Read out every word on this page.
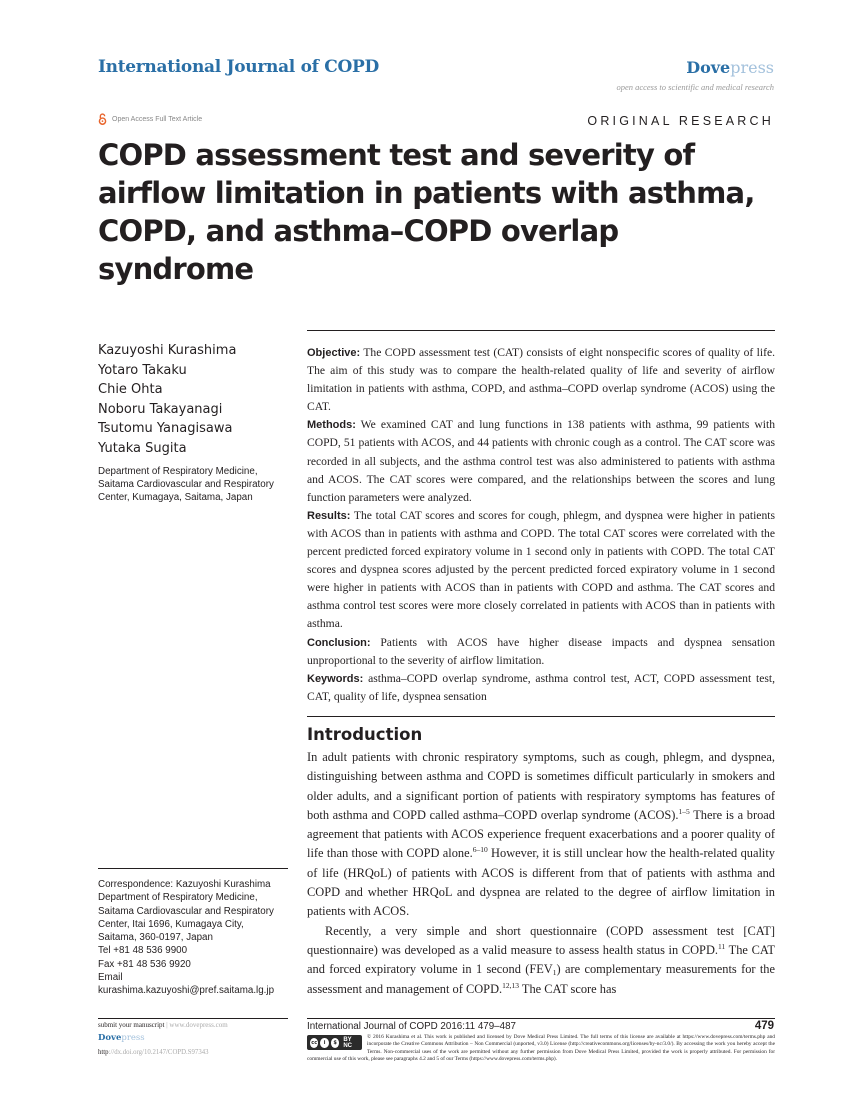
International Journal of COPD	Dovepress
open access to scientific and medical research
Open Access Full Text Article	ORIGINAL RESEARCH
COPD assessment test and severity of airflow limitation in patients with asthma, COPD, and asthma–COPD overlap syndrome
Kazuyoshi Kurashima
Yotaro Takaku
Chie Ohta
Noboru Takayanagi
Tsutomu Yanagisawa
Yutaka Sugita
Department of Respiratory Medicine, Saitama Cardiovascular and Respiratory Center, Kumagaya, Saitama, Japan
Correspondence: Kazuyoshi Kurashima
Department of Respiratory Medicine,
Saitama Cardiovascular and Respiratory
Center, Itai 1696, Kumagaya City,
Saitama, 360-0197, Japan
Tel +81 48 536 9900
Fax +81 48 536 9920
Email kurashima.kazuyoshi@pref.saitama.lg.jp

Objective: The COPD assessment test (CAT) consists of eight nonspecific scores of quality of life. The aim of this study was to compare the health-related quality of life and severity of airflow limitation in patients with asthma, COPD, and asthma–COPD overlap syndrome (ACOS) using the CAT.

Methods: We examined CAT and lung functions in 138 patients with asthma, 99 patients with COPD, 51 patients with ACOS, and 44 patients with chronic cough as a control. The CAT score was recorded in all subjects, and the asthma control test was also administered to patients with asthma and ACOS. The CAT scores were compared, and the relationships between the scores and lung function parameters were analyzed.

Results: The total CAT scores and scores for cough, phlegm, and dyspnea were higher in patients with ACOS than in patients with asthma and COPD. The total CAT scores were correlated with the percent predicted forced expiratory volume in 1 second only in patients with COPD. The total CAT scores and dyspnea scores adjusted by the percent predicted forced expiratory volume in 1 second were higher in patients with ACOS than in patients with COPD and asthma. The CAT scores and asthma control test scores were more closely correlated in patients with ACOS than in patients with asthma.

Conclusion: Patients with ACOS have higher disease impacts and dyspnea sensation unproportional to the severity of airflow limitation.

Keywords: asthma–COPD overlap syndrome, asthma control test, ACT, COPD assessment test, CAT, quality of life, dyspnea sensation

Introduction

In adult patients with chronic respiratory symptoms, such as cough, phlegm, and dyspnea, distinguishing between asthma and COPD is sometimes difficult particularly in smokers and older adults, and a significant portion of patients with respiratory symptoms has features of both asthma and COPD called asthma–COPD overlap syndrome (ACOS).$^{1-5}$ There is a broad agreement that patients with ACOS experience frequent exacerbations and a poorer quality of life than those with COPD alone.$^{6-10}$ However, it is still unclear how the health-related quality of life (HRQoL) of patients with ACOS is different from that of patients with asthma and COPD and whether HRQoL and dyspnea are related to the degree of airflow limitation in patients with ACOS.

Recently, a very simple and short questionnaire (COPD assessment test [CAT] questionnaire) was developed as a valid measure to assess health status in COPD.$^{11}$ The CAT and forced expiratory volume in 1 second $(FEV_1)$ are complementary measurements for the assessment and management of COPD.$^{12,13}$ The CAT score has

submit your manuscript | www.dovepress.com
Dovepress
http://dx.doi.org/10.2147/COPD.S97343
International Journal of COPD 2016:11 479–487	479
cc	i	$	BY NC
© 2016 Kurashima et al. This work is published and licensed by Dove Medical Press Limited. The full terms of this license are available at https://www.dovepress.com/terms.php and incorporate the Creative Commons Attribution – Non Commercial (unported, v3.0) License (http://creativecommons.org/licenses/by-nc/3.0/). By accessing the work you hereby accept the Terms. Non-commercial uses of the work are permitted without any further permission from Dove Medical Press Limited, provided the work is properly attributed. For permission for commercial use of this work, please see paragraphs 4.2 and 5 of our Terms (https://www.dovepress.com/terms.php).
